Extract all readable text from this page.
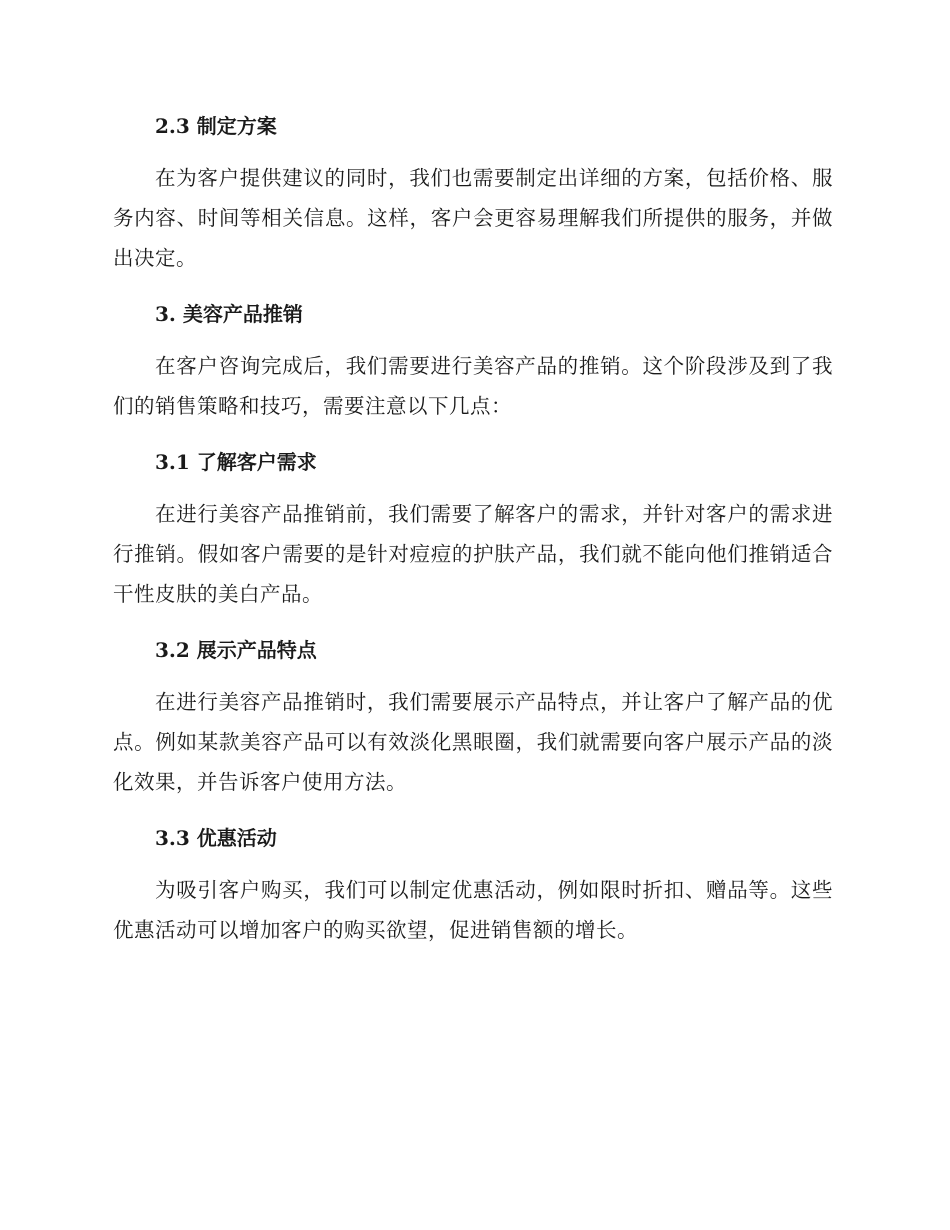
2.3 制定方案

在为客户提供建议的同时，我们也需要制定出详细的方案，包括价格、服务内容、时间等相关信息。这样，客户会更容易理解我们所提供的服务，并做出决定。

3. 美容产品推销

在客户咨询完成后，我们需要进行美容产品的推销。这个阶段涉及到了我们的销售策略和技巧，需要注意以下几点：

3.1 了解客户需求

在进行美容产品推销前，我们需要了解客户的需求，并针对客户的需求进行推销。假如客户需要的是针对痘痘的护肤产品，我们就不能向他们推销适合干性皮肤的美白产品。

3.2 展示产品特点

在进行美容产品推销时，我们需要展示产品特点，并让客户了解产品的优点。例如某款美容产品可以有效淡化黑眼圈，我们就需要向客户展示产品的淡化效果，并告诉客户使用方法。

3.3 优惠活动

为吸引客户购买，我们可以制定优惠活动，例如限时折扣、赠品等。这些优惠活动可以增加客户的购买欲望，促进销售额的增长。
